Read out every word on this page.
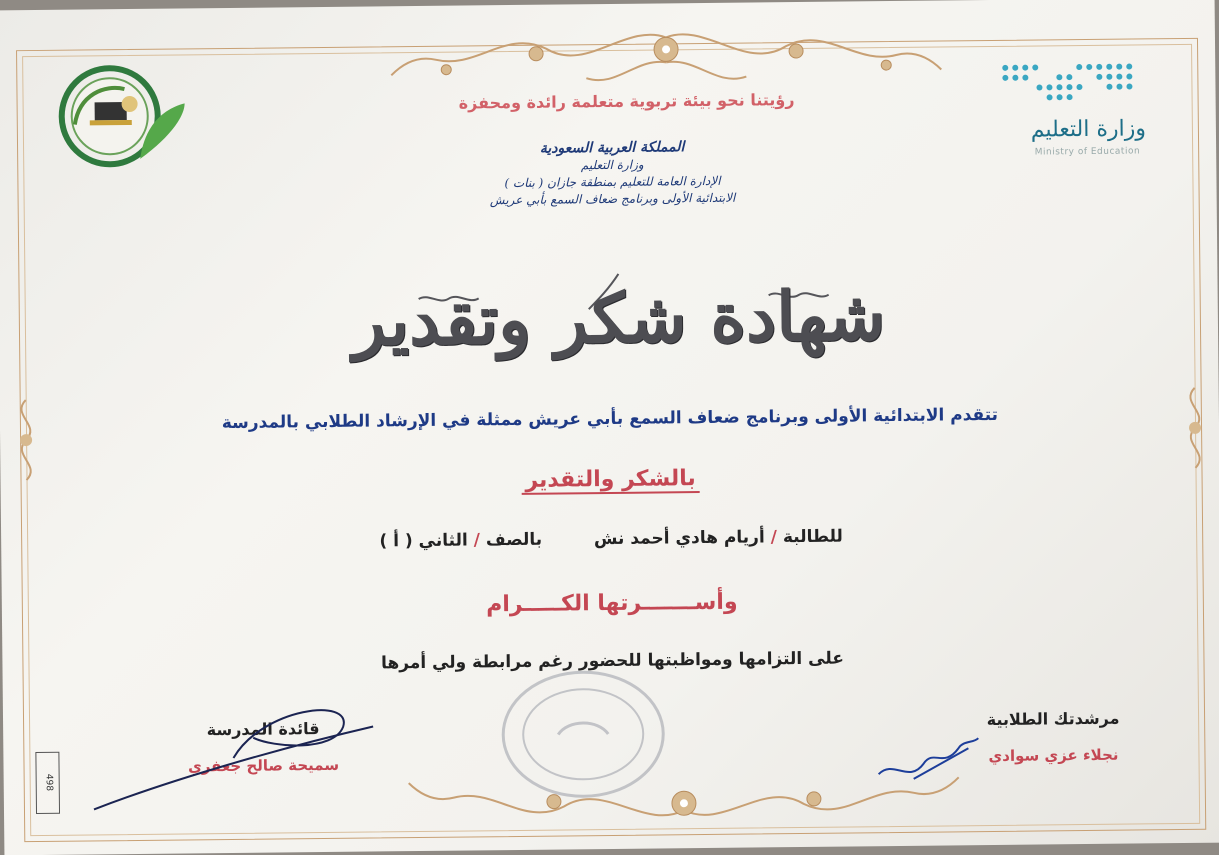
وزارة التعليم
Ministry of Education
رؤيتنا نحو بيئة تربوية متعلمة رائدة ومحفزة
المملكة العربية السعودية
وزارة التعليم
الإدارة العامة للتعليم بمنطقة جازان ( بنات )
الابتدائية الأولى وبرنامج ضعاف السمع بأبي عريش
شهادة شكر وتقدير
تتقدم الابتدائية الأولى وبرنامج ضعاف السمع بأبي عريش ممثلة في الإرشاد الطلابي بالمدرسة
بالشكر والتقدير
للطالبة/أريام هادي أحمد نش  بالصف/الثاني ( أ )
وأســـــــرتها الكـــــرام
على التزامها ومواظبتها للحضور رغم مرابطة ولي أمرها
قائدة المدرسة
سميحة صالح جعفري
مرشدتك الطلابية
نجلاء عزي سوادي
498
